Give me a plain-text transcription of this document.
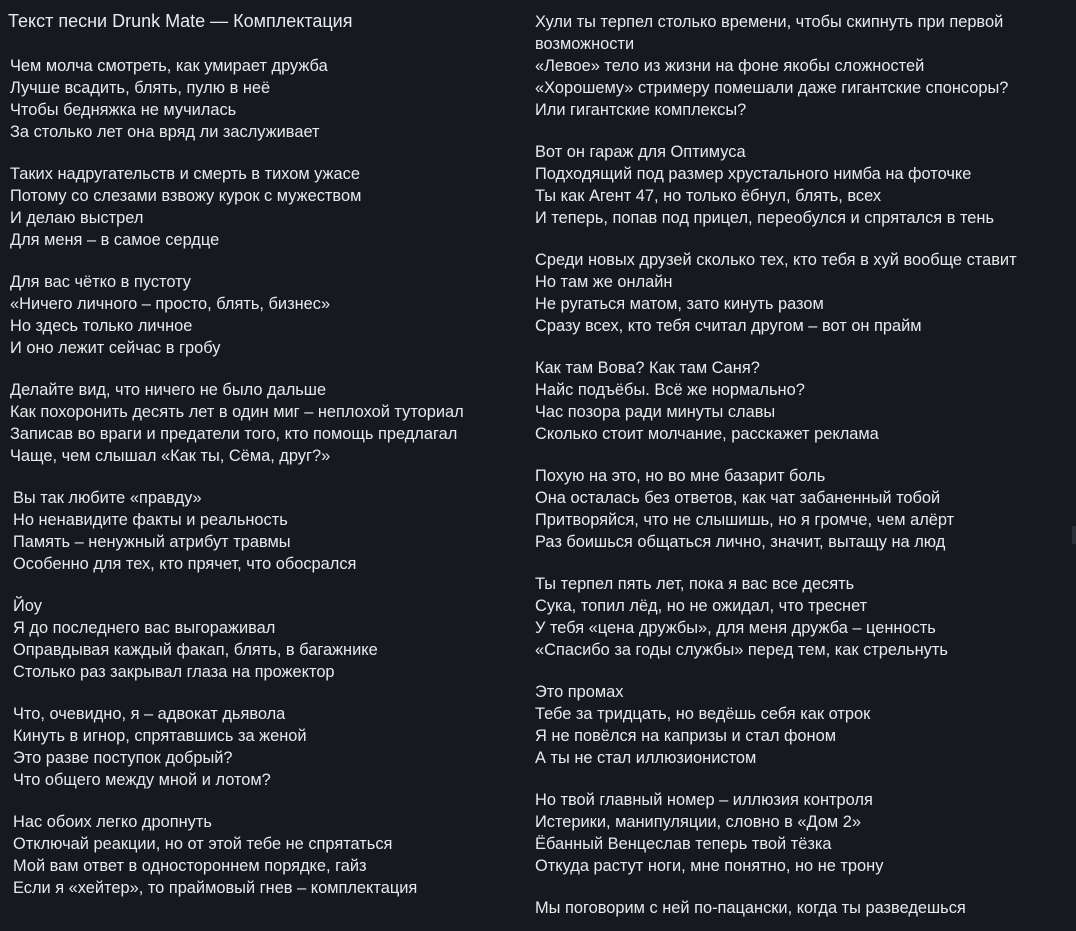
Текст песни Drunk Mate — Комплектация
Чем молча смотреть, как умирает дружба
Лучше всадить, блять, пулю в неё
Чтобы бедняжка не мучилась
За столько лет она вряд ли заслуживает
Таких надругательств и смерть в тихом ужасе
Потому со слезами взвожу курок с мужеством
И делаю выстрел
Для меня – в самое сердце
Для вас чётко в пустоту
«Ничего личного – просто, блять, бизнес»
Но здесь только личное
И оно лежит сейчас в гробу
Делайте вид, что ничего не было дальше
Как похоронить десять лет в один миг – неплохой туториал
Записав во враги и предатели того, кто помощь предлагал
Чаще, чем слышал «Как ты, Сёма, друг?»
Вы так любите «правду»
Но ненавидите факты и реальность
Память – ненужный атрибут травмы
Особенно для тех, кто прячет, что обосрался
Йоу
Я до последнего вас выгораживал
Оправдывая каждый факап, блять, в багажнике
Столько раз закрывал глаза на прожектор
Что, очевидно, я – адвокат дьявола
Кинуть в игнор, спрятавшись за женой
Это разве поступок добрый?
Что общего между мной и лотом?
Нас обоих легко дропнуть
Отключай реакции, но от этой тебе не спрятаться
Мой вам ответ в одностороннем порядке, гайз
Если я «хейтер», то праймовый гнев – комплектация
Хули ты терпел столько времени, чтобы скипнуть при первой
возможности
«Левое» тело из жизни на фоне якобы сложностей
«Хорошему» стримеру помешали даже гигантские спонсоры?
Или гигантские комплексы?
Вот он гараж для Оптимуса
Подходящий под размер хрустального нимба на фоточке
Ты как Агент 47, но только ёбнул, блять, всех
И теперь, попав под прицел, переобулся и спрятался в тень
Среди новых друзей сколько тех, кто тебя в хуй вообще ставит
Но там же онлайн
Не ругаться матом, зато кинуть разом
Сразу всех, кто тебя считал другом – вот он прайм
Как там Вова? Как там Саня?
Найс подъёбы. Всё же нормально?
Час позора ради минуты славы
Сколько стоит молчание, расскажет реклама
Похую на это, но во мне базарит боль
Она осталась без ответов, как чат забаненный тобой
Притворяйся, что не слышишь, но я громче, чем алёрт
Раз боишься общаться лично, значит, вытащу на люд
Ты терпел пять лет, пока я вас все десять
Сука, топил лёд, но не ожидал, что треснет
У тебя «цена дружбы», для меня дружба – ценность
«Спасибо за годы службы» перед тем, как стрельнуть
Это промах
Тебе за тридцать, но ведёшь себя как отрок
Я не повёлся на капризы и стал фоном
А ты не стал иллюзионистом
Но твой главный номер – иллюзия контроля
Истерики, манипуляции, словно в «Дом 2»
Ёбанный Венцеслав теперь твой тёзка
Откуда растут ноги, мне понятно, но не трону
Мы поговорим с ней по-пацански, когда ты разведешься
